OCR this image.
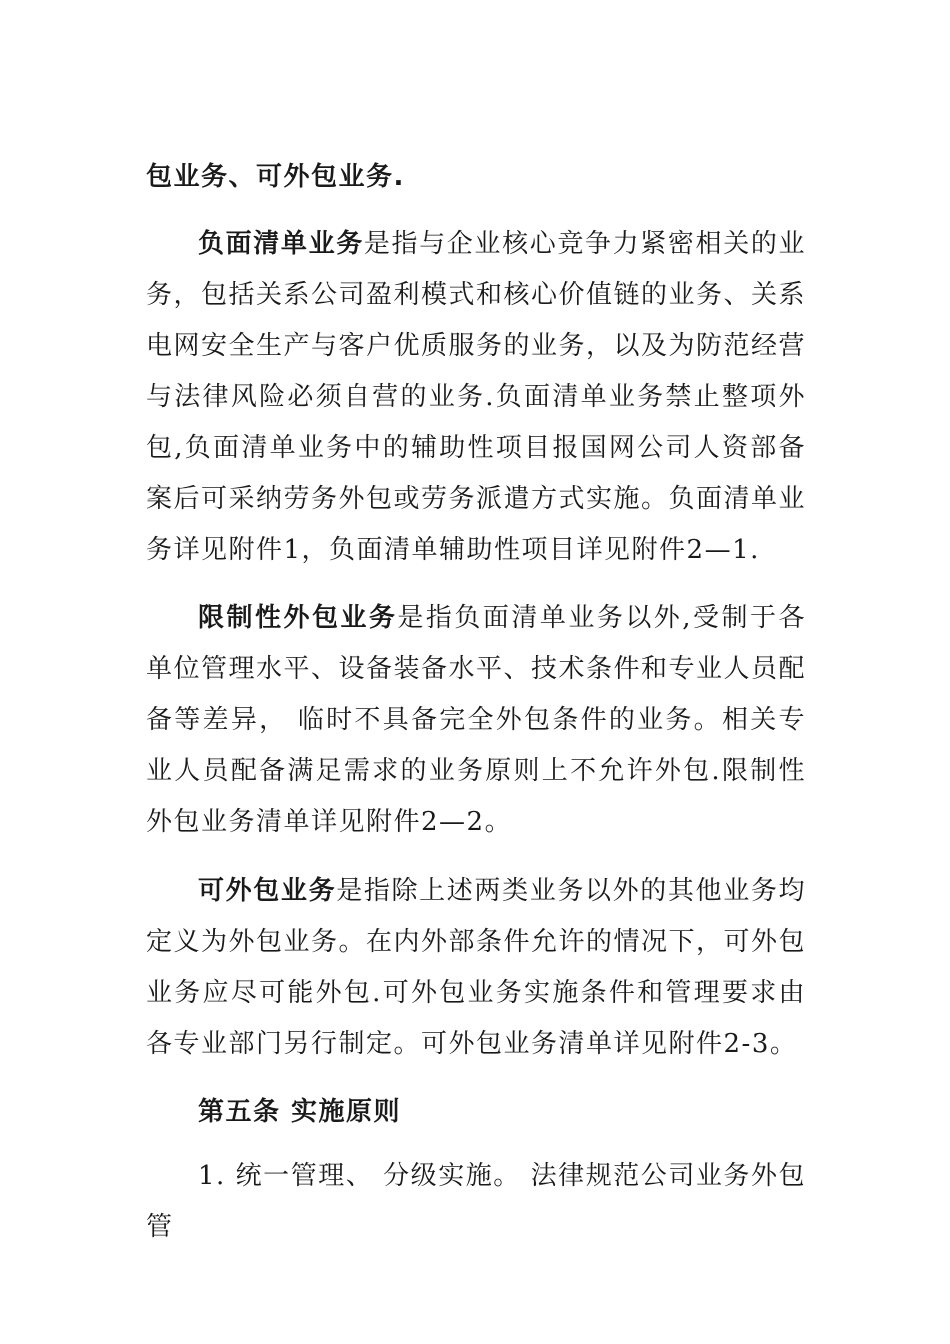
包业务、可外包业务.

负面清单业务是指与企业核心竞争力紧密相关的业务，包括关系公司盈利模式和核心价值链的业务、关系电网安全生产与客户优质服务的业务，以及为防范经营与法律风险必须自营的业务.负面清单业务禁止整项外包,负面清单业务中的辅助性项目报国网公司人资部备案后可采纳劳务外包或劳务派遣方式实施。负面清单业务详见附件1，负面清单辅助性项目详见附件2—1.

限制性外包业务是指负面清单业务以外,受制于各单位管理水平、设备装备水平、技术条件和专业人员配备等差异， 临时不具备完全外包条件的业务。相关专业人员配备满足需求的业务原则上不允许外包.限制性外包业务清单详见附件2—2。

可外包业务是指除上述两类业务以外的其他业务均定义为外包业务。在内外部条件允许的情况下，可外包业务应尽可能外包.可外包业务实施条件和管理要求由各专业部门另行制定。可外包业务清单详见附件2-3。

第五条 实施原则

1. 统一管理、 分级实施。 法律规范公司业务外包管
